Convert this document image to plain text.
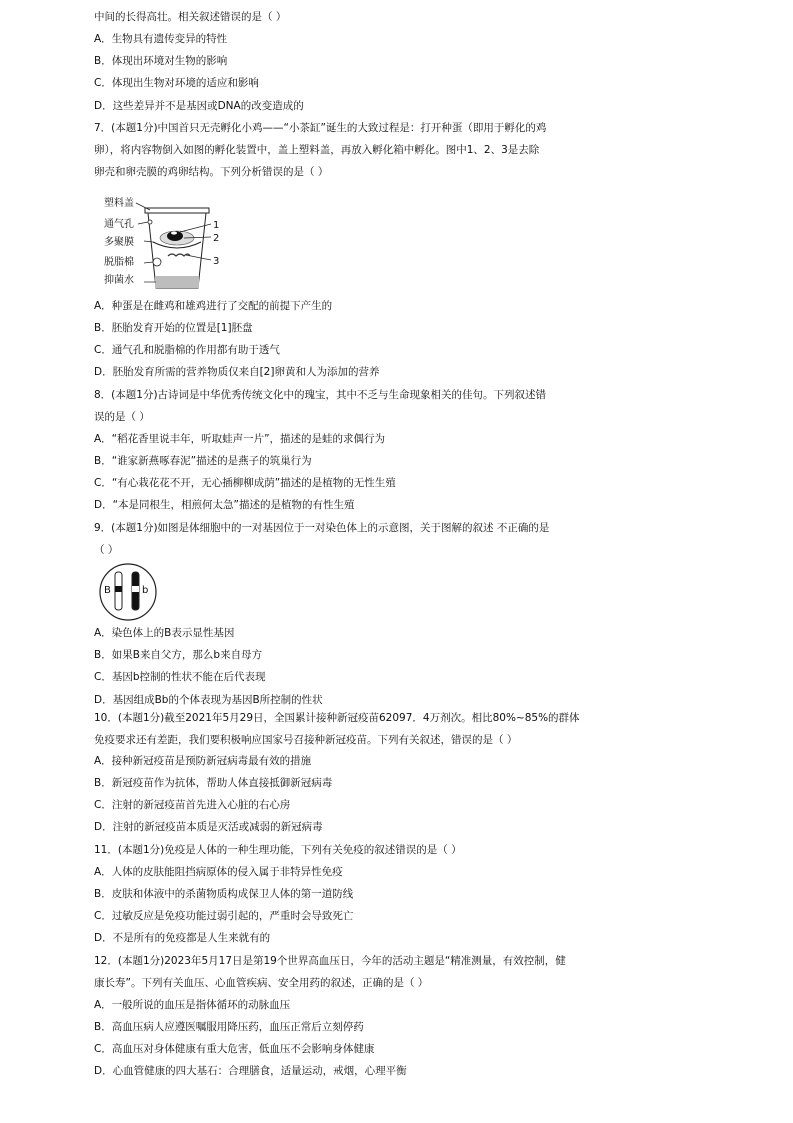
中间的长得高壮。相关叙述错误的是（ ）
A．生物具有遗传变异的特性
B．体现出环境对生物的影响
C．体现出生物对环境的适应和影响
D．这些差异并不是基因或DNA的改变造成的
7．(本题1分)中国首只无壳孵化小鸡——“小茶缸”诞生的大致过程是：打开种蛋（即用于孵化的鸡
卵），将内容物倒入如图的孵化装置中，盖上塑料盖，再放入孵化箱中孵化。图中1、2、3是去除
卵壳和卵壳膜的鸡卵结构。下列分析错误的是（ ）
塑料盖
通气孔
多聚膜
脱脂棉
抑菌水
1
2
3
A．种蛋是在雌鸡和雄鸡进行了交配的前提下产生的
B．胚胎发育开始的位置是[1]胚盘
C．通气孔和脱脂棉的作用都有助于透气
D．胚胎发育所需的营养物质仅来自[2]卵黄和人为添加的营养
8．(本题1分)古诗词是中华优秀传统文化中的瑰宝，其中不乏与生命现象相关的佳句。下列叙述错
误的是（ ）
A．“稻花香里说丰年，听取蛙声一片”，描述的是蛙的求偶行为
B．“谁家新燕啄春泥”描述的是燕子的筑巢行为
C．“有心栽花花不开，无心插柳柳成荫”描述的是植物的无性生殖
D．“本是同根生，相煎何太急”描述的是植物的有性生殖
9．(本题1分)如图是体细胞中的一对基因位于一对染色体上的示意图，关于图解的叙述 不正确的是
（ ）
B	b
A．染色体上的B表示显性基因
B．如果B来自父方，那么b来自母方
C．基因b控制的性状不能在后代表现
D．基因组成Bb的个体表现为基因B所控制的性状
10．(本题1分)截至2021年5月29日，全国累计接种新冠疫苗62097．4万剂次。相比80%~85%的群体
免疫要求还有差距，我们要积极响应国家号召接种新冠疫苗。下列有关叙述，错误的是（ ）
A．接种新冠疫苗是预防新冠病毒最有效的措施
B．新冠疫苗作为抗体，帮助人体直接抵御新冠病毒
C．注射的新冠疫苗首先进入心脏的右心房
D．注射的新冠疫苗本质是灭活或减弱的新冠病毒
11．(本题1分)免疫是人体的一种生理功能，下列有关免疫的叙述错误的是（ ）
A．人体的皮肤能阻挡病原体的侵入属于非特异性免疫
B．皮肤和体液中的杀菌物质构成保卫人体的第一道防线
C．过敏反应是免疫功能过弱引起的，严重时会导致死亡
D．不是所有的免疫都是人生来就有的
12．(本题1分)2023年5月17日是第19个世界高血压日，今年的活动主题是“精准测量，有效控制，健
康长寿”。下列有关血压、心血管疾病、安全用药的叙述，正确的是（ ）
A．一般所说的血压是指体循环的动脉血压
B．高血压病人应遵医嘱服用降压药，血压正常后立刻停药
C．高血压对身体健康有重大危害，低血压不会影响身体健康
D．心血管健康的四大基石：合理膳食，适量运动，戒烟，心理平衡
